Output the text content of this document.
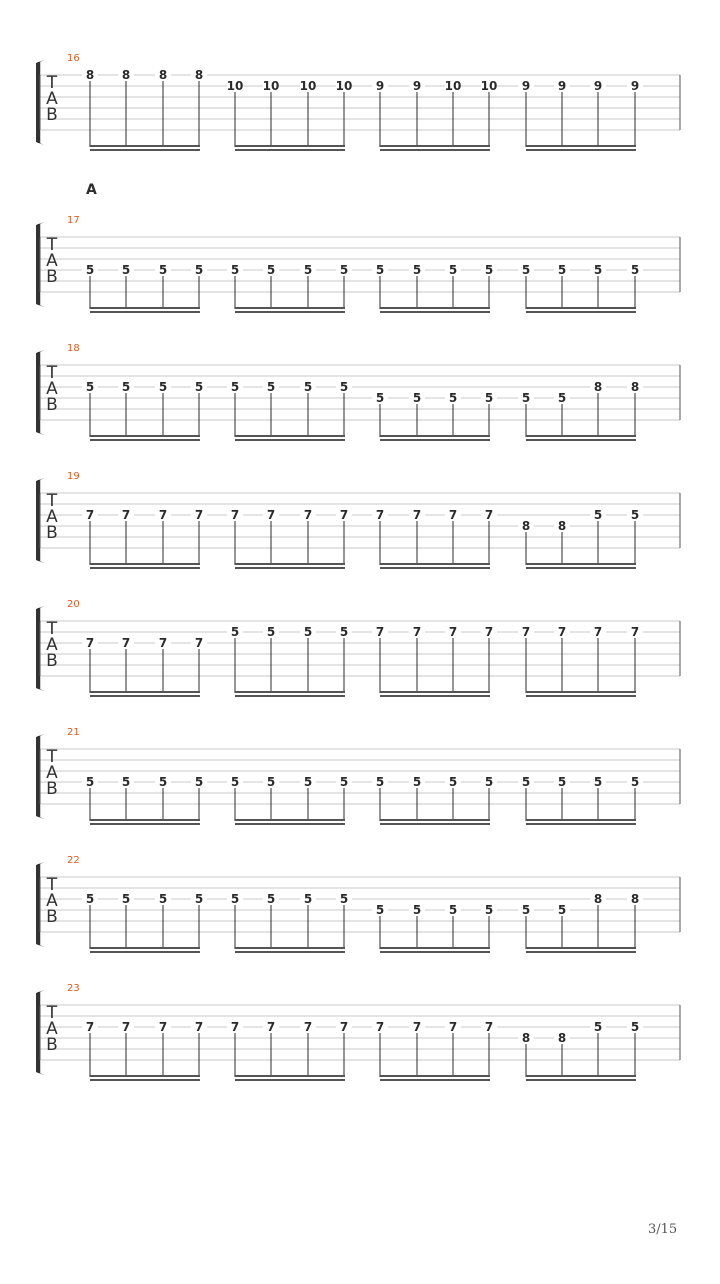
T
A
B
16
8 8 8 8
10 10 10 10 9 9 10 10 9 9 9 9
T
A
B
17
5 5 5 5 5 5 5 5 5 5 5 5 5 5 5 5
T
A
B
18
5 5 5 5 5 5 5 5
5 5 5 5 5 5
8 8
T
A
B
19
7 7 7 7 7 7 7 7 7 7 7 7
8 8
5 5
T
A
B
20
7 7 7 7
5 5 5 5 7 7 7 7 7 7 7 7
T
A
B
21
5 5 5 5 5 5 5 5 5 5 5 5 5 5 5 5
T
A
B
22
5 5 5 5 5 5 5 5
5 5 5 5 5 5
8 8
T
A
B
23
7 7 7 7 7 7 7 7 7 7 7 7
8 8
5 5
A
3/15
